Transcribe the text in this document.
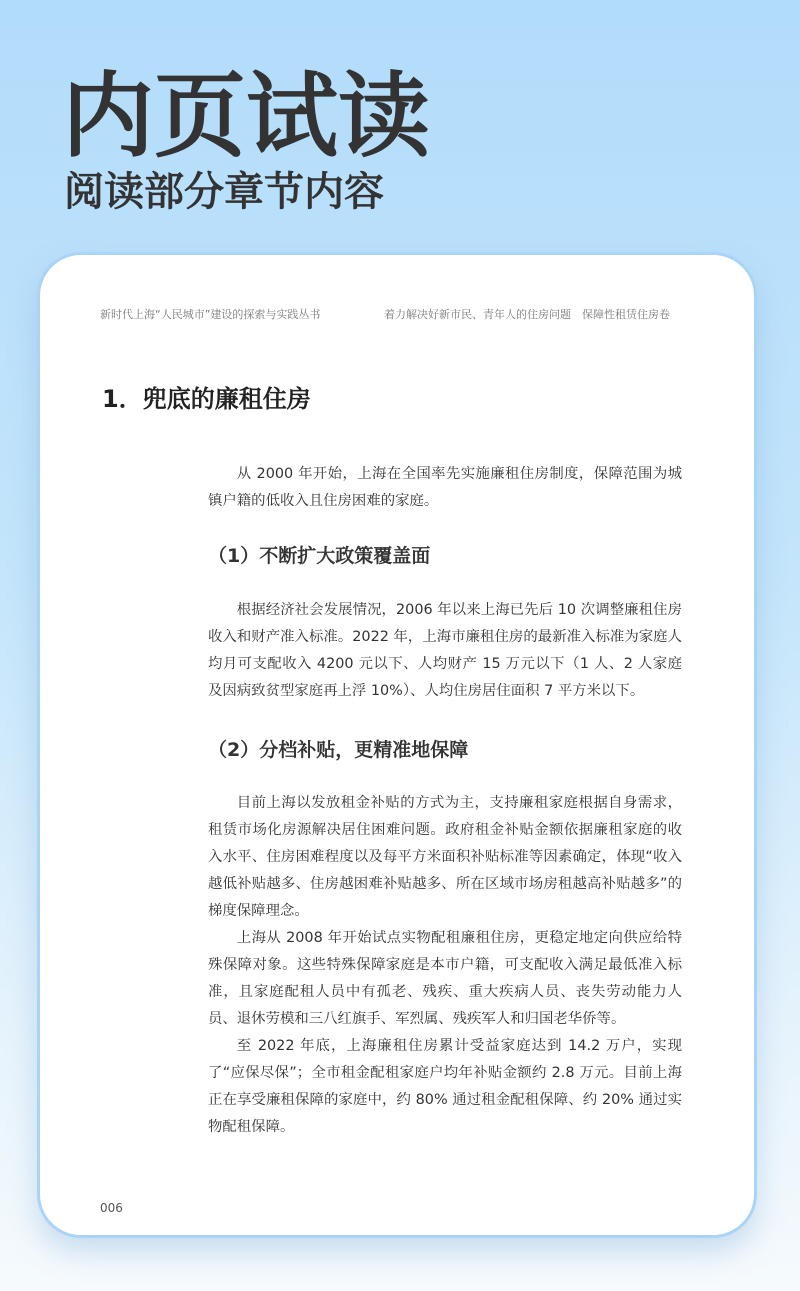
内页试读
阅读部分章节内容
新时代上海“人民城市”建设的探索与实践丛书	着力解决好新市民、青年人的住房问题　保障性租赁住房卷
1．兜底的廉租住房

从 2000 年开始，上海在全国率先实施廉租住房制度，保障范围为城镇户籍的低收入且住房困难的家庭。

（1）不断扩大政策覆盖面

根据经济社会发展情况，2006 年以来上海已先后 10 次调整廉租住房收入和财产准入标准。2022 年，上海市廉租住房的最新准入标准为家庭人均月可支配收入 4200 元以下、人均财产 15 万元以下（1 人、2 人家庭及因病致贫型家庭再上浮 10%）、人均住房居住面积 7 平方米以下。

（2）分档补贴，更精准地保障

目前上海以发放租金补贴的方式为主，支持廉租家庭根据自身需求，租赁市场化房源解决居住困难问题。政府租金补贴金额依据廉租家庭的收入水平、住房困难程度以及每平方米面积补贴标准等因素确定，体现“收入越低补贴越多、住房越困难补贴越多、所在区域市场房租越高补贴越多”的梯度保障理念。

上海从 2008 年开始试点实物配租廉租住房，更稳定地定向供应给特殊保障对象。这些特殊保障家庭是本市户籍，可支配收入满足最低准入标准，且家庭配租人员中有孤老、残疾、重大疾病人员、丧失劳动能力人员、退休劳模和三八红旗手、军烈属、残疾军人和归国老华侨等。

至 2022 年底，上海廉租住房累计受益家庭达到 14.2 万户，实现了“应保尽保”；全市租金配租家庭户均年补贴金额约 2.8 万元。目前上海正在享受廉租保障的家庭中，约 80% 通过租金配租保障、约 20% 通过实物配租保障。

006
